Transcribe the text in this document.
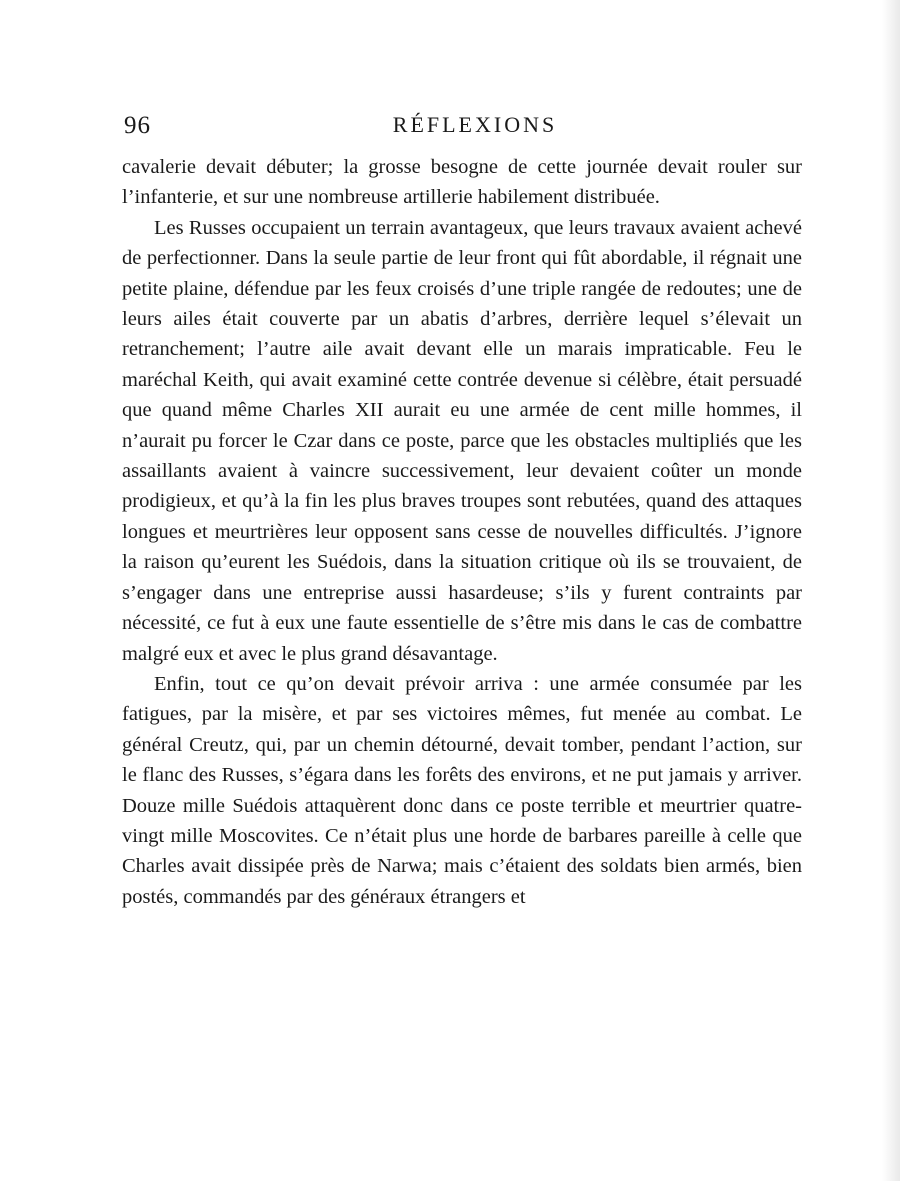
96	RÉFLEXIONS

cavalerie devait débuter; la grosse besogne de cette journée devait rouler sur l’infanterie, et sur une nombreuse artillerie habilement distribuée.

Les Russes occupaient un terrain avantageux, que leurs travaux avaient achevé de perfectionner. Dans la seule partie de leur front qui fût abordable, il régnait une petite plaine, défendue par les feux croisés d’une triple rangée de redoutes; une de leurs ailes était couverte par un abatis d’arbres, derrière lequel s’élevait un retranchement; l’autre aile avait devant elle un marais impraticable. Feu le maréchal Keith, qui avait examiné cette contrée devenue si célèbre, était persuadé que quand même Charles XII aurait eu une armée de cent mille hommes, il n’aurait pu forcer le Czar dans ce poste, parce que les obstacles multipliés que les assaillants avaient à vaincre successivement, leur devaient coûter un monde prodigieux, et qu’à la fin les plus braves troupes sont rebutées, quand des attaques longues et meurtrières leur opposent sans cesse de nouvelles difficultés. J’ignore la raison qu’eurent les Suédois, dans la situation critique où ils se trouvaient, de s’engager dans une entreprise aussi hasardeuse; s’ils y furent contraints par nécessité, ce fut à eux une faute essentielle de s’être mis dans le cas de combattre malgré eux et avec le plus grand désavantage.

Enfin, tout ce qu’on devait prévoir arriva : une armée consumée par les fatigues, par la misère, et par ses victoires mêmes, fut menée au combat. Le général Creutz, qui, par un chemin détourné, devait tomber, pendant l’action, sur le flanc des Russes, s’égara dans les forêts des environs, et ne put jamais y arriver. Douze mille Suédois attaquèrent donc dans ce poste terrible et meurtrier quatre-vingt mille Moscovites. Ce n’était plus une horde de barbares pareille à celle que Charles avait dissipée près de Narwa; mais c’étaient des soldats bien armés, bien postés, commandés par des généraux étrangers et
